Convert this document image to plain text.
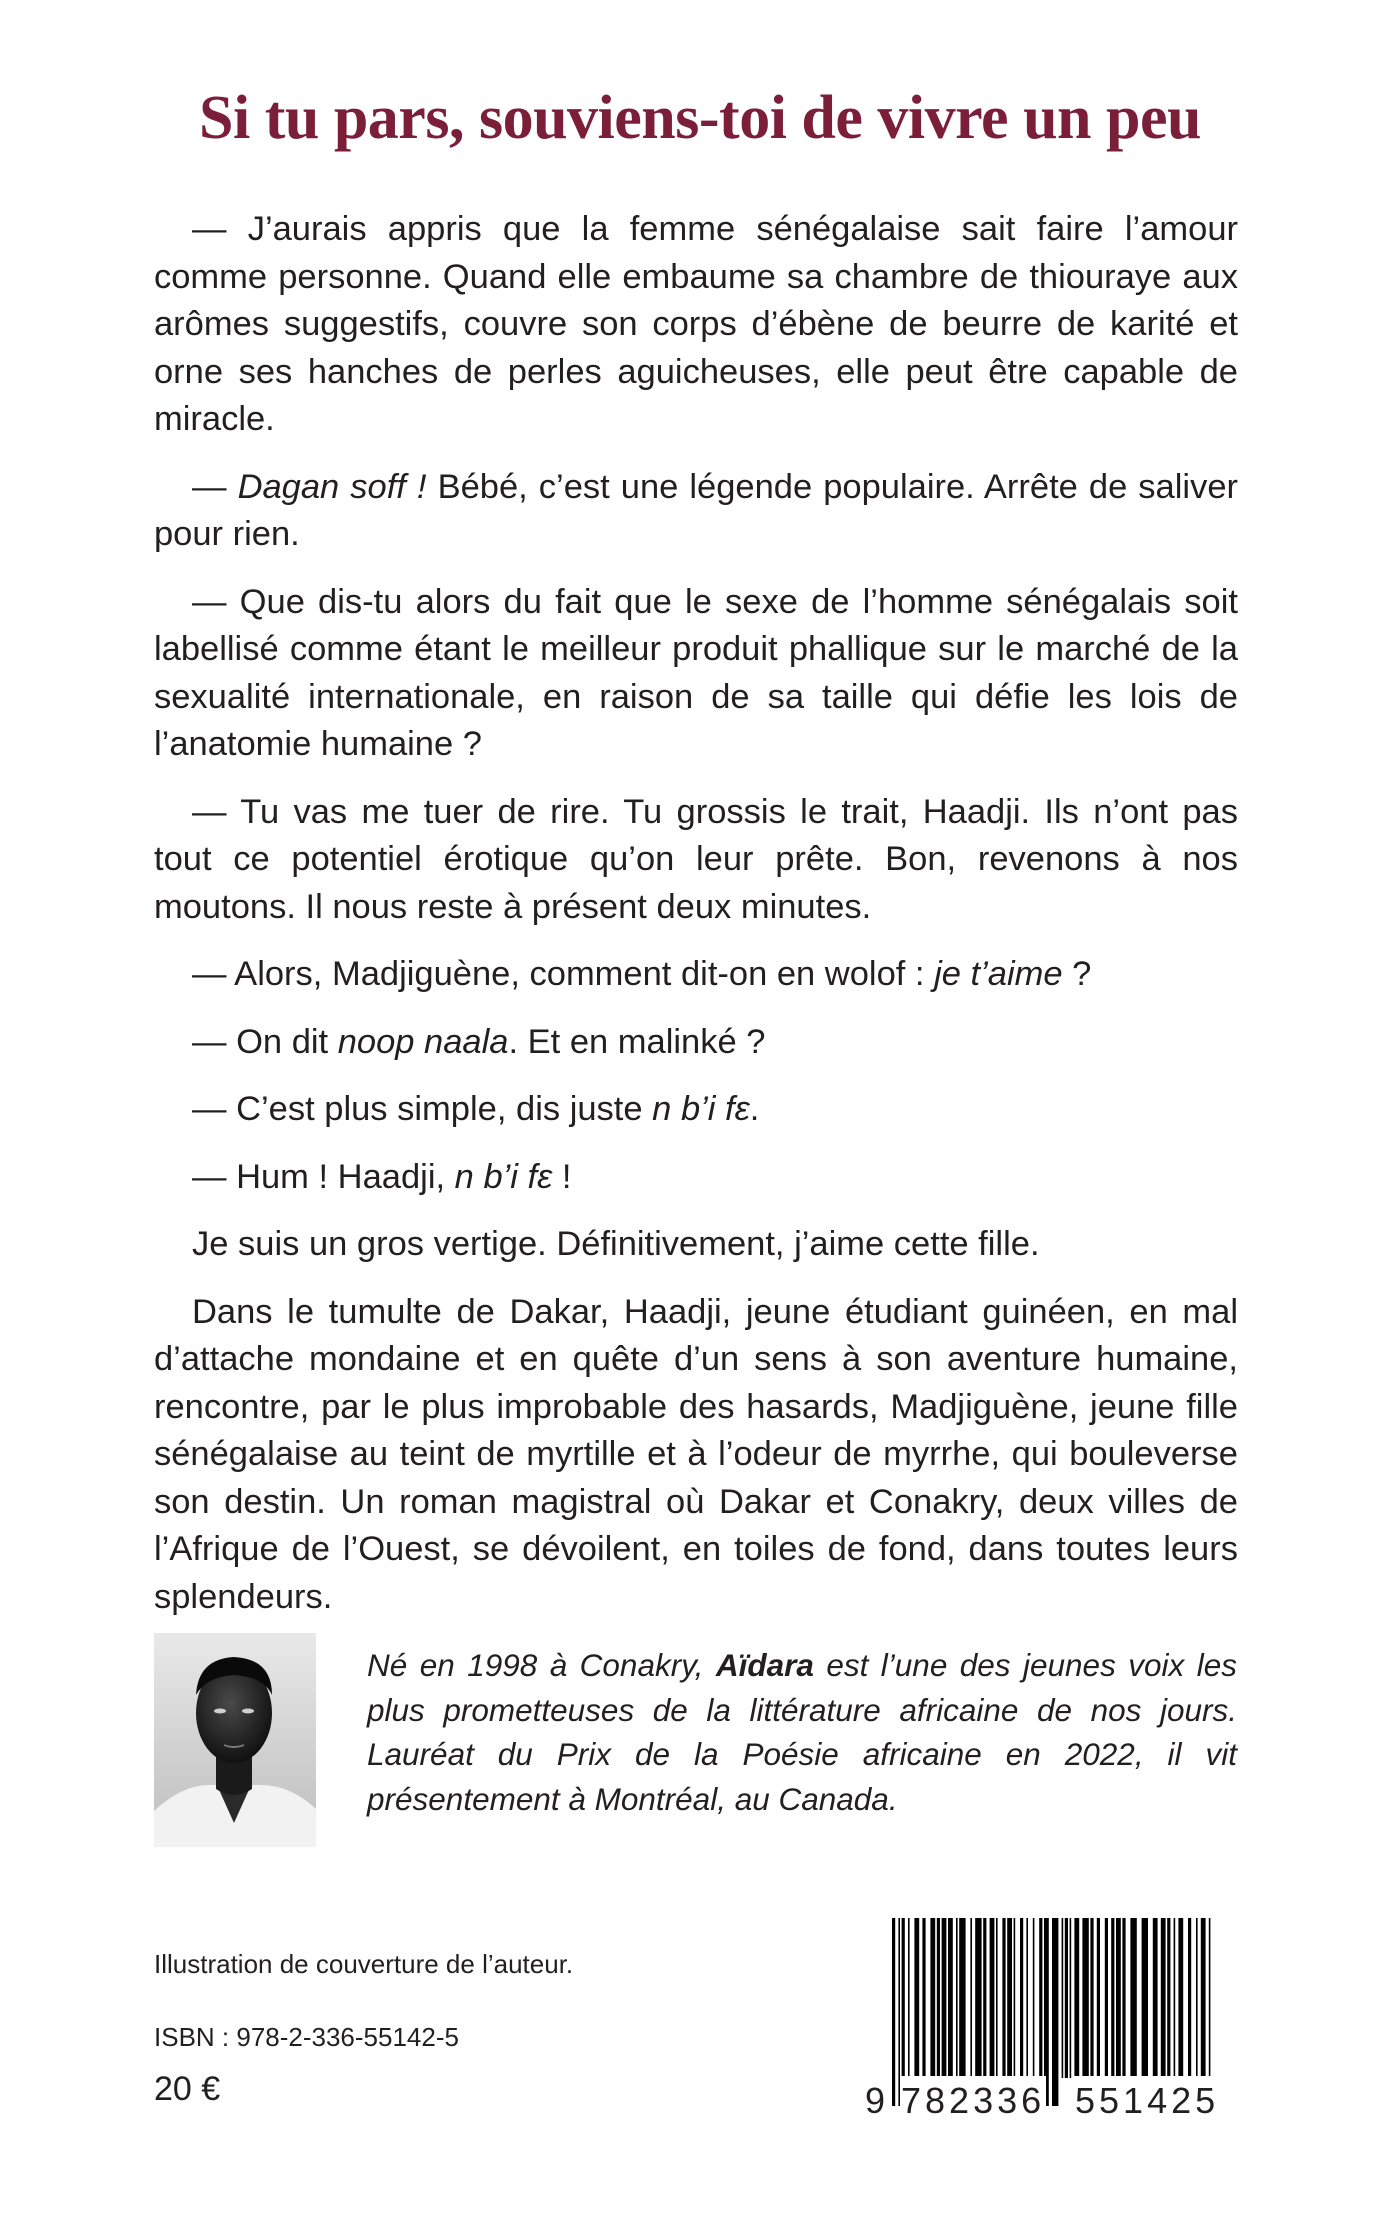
Si tu pars, souviens-toi de vivre un peu

— J’aurais appris que la femme sénégalaise sait faire l’amour comme personne. Quand elle embaume sa chambre de thiouraye aux arômes suggestifs, couvre son corps d’ébène de beurre de karité et orne ses hanches de perles aguicheuses, elle peut être capable de miracle.

— Dagan soff ! Bébé, c’est une légende populaire. Arrête de saliver pour rien.

— Que dis-tu alors du fait que le sexe de l’homme sénégalais soit labellisé comme étant le meilleur produit phallique sur le marché de la sexualité internationale, en raison de sa taille qui défie les lois de l’anatomie humaine ?

— Tu vas me tuer de rire. Tu grossis le trait, Haadji. Ils n’ont pas tout ce potentiel érotique qu’on leur prête. Bon, revenons à nos moutons. Il nous reste à présent deux minutes.

— Alors, Madjiguène, comment dit-on en wolof : je t’aime ?

— On dit noop naala. Et en malinké ?

— C’est plus simple, dis juste n b’i fɛ.

— Hum ! Haadji, n b’i fɛ !

Je suis un gros vertige. Définitivement, j’aime cette fille.

Dans le tumulte de Dakar, Haadji, jeune étudiant guinéen, en mal d’attache mondaine et en quête d’un sens à son aventure humaine, rencontre, par le plus improbable des hasards, Madjiguène, jeune fille sénégalaise au teint de myrtille et à l’odeur de myrrhe, qui bouleverse son destin. Un roman magistral où Dakar et Conakry, deux villes de l’Afrique de l’Ouest, se dévoilent, en toiles de fond, dans toutes leurs splendeurs.

Né en 1998 à Conakry, Aïdara est l’une des jeunes voix les plus prometteuses de la littérature africaine de nos jours. Lauréat du Prix de la Poésie africaine en 2022, il vit présentement à Montréal, au Canada.
Illustration de couverture de l’auteur.
ISBN : 978-2-336-55142-5
20 €	9 782336 551425
